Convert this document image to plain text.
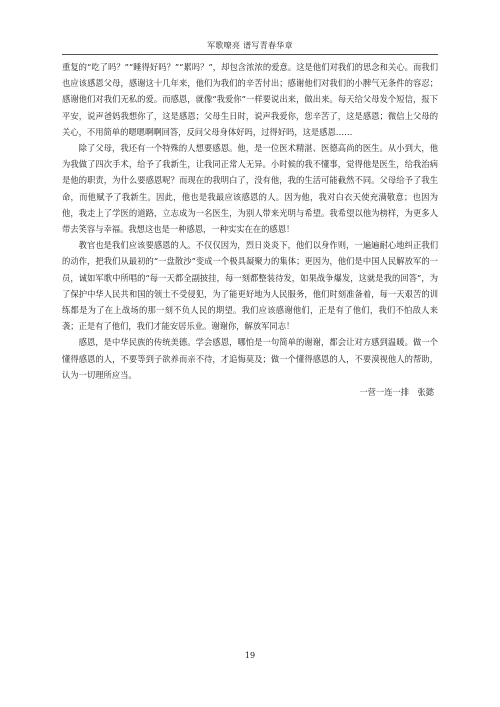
军歌嘹亮 谱写青春华章

重复的“吃了吗？”“睡得好吗？”“累吗？”，却包含浓浓的爱意。这是他们对我们的思念和关心。而我们也应该感恩父母，感谢这十几年来，他们为我们的辛苦付出；感谢他们对我们的小脾气无条件的容忍；感谢他们对我们无私的爱。而感恩，就像“我爱你”一样要说出来，做出来。每天给父母发个短信，报下平安，说声爸妈我想你了，这是感恩；父母生日时，说声我爱你，您辛苦了，这是感恩；微信上父母的关心，不用简单的嗯嗯啊啊回答，反问父母身体好吗，过得好吗，这是感恩……

除了父母，我还有一个特殊的人想要感恩。他，是一位医术精湛、医德高尚的医生。从小到大，他为我做了四次手术，给予了我新生，让我同正常人无异。小时候的我不懂事，觉得他是医生，给我治病是他的职责，为什么要感恩呢？而现在的我明白了，没有他，我的生活可能截然不同。父母给予了我生命，而他赋予了我新生。因此，他也是我最应该感恩的人。因为他，我对白衣天使充满敬意；也因为他，我走上了学医的道路，立志成为一名医生，为别人带来光明与希望。我希望以他为榜样，为更多人带去笑容与幸福。我想这也是一种感恩，一种实实在在的感恩！

教官也是我们应该要感恩的人。不仅仅因为，烈日炎炎下，他们以身作则，一遍遍耐心地纠正我们的动作，把我们从最初的“一盘散沙”变成一个极具凝聚力的集体；更因为，他们是中国人民解放军的一员，诚如军歌中所唱的“每一天都全副披挂，每一刻都整装待发，如果战争爆发，这就是我的回答”，为了保护中华人民共和国的领土不受侵犯，为了能更好地为人民服务，他们时刻准备着，每一天艰苦的训练都是为了在上战场的那一刻不负人民的期望。我们应该感谢他们，正是有了他们，我们不怕敌人来袭；正是有了他们，我们才能安居乐业。谢谢你，解放军同志！

感恩，是中华民族的传统美德。学会感恩，哪怕是一句简单的谢谢，都会让对方感到温暖。做一个懂得感恩的人，不要等到子欲养而亲不待，才追悔莫及；做一个懂得感恩的人，不要漠视他人的帮助，认为一切理所应当。

一营一连一排　张懿

19
